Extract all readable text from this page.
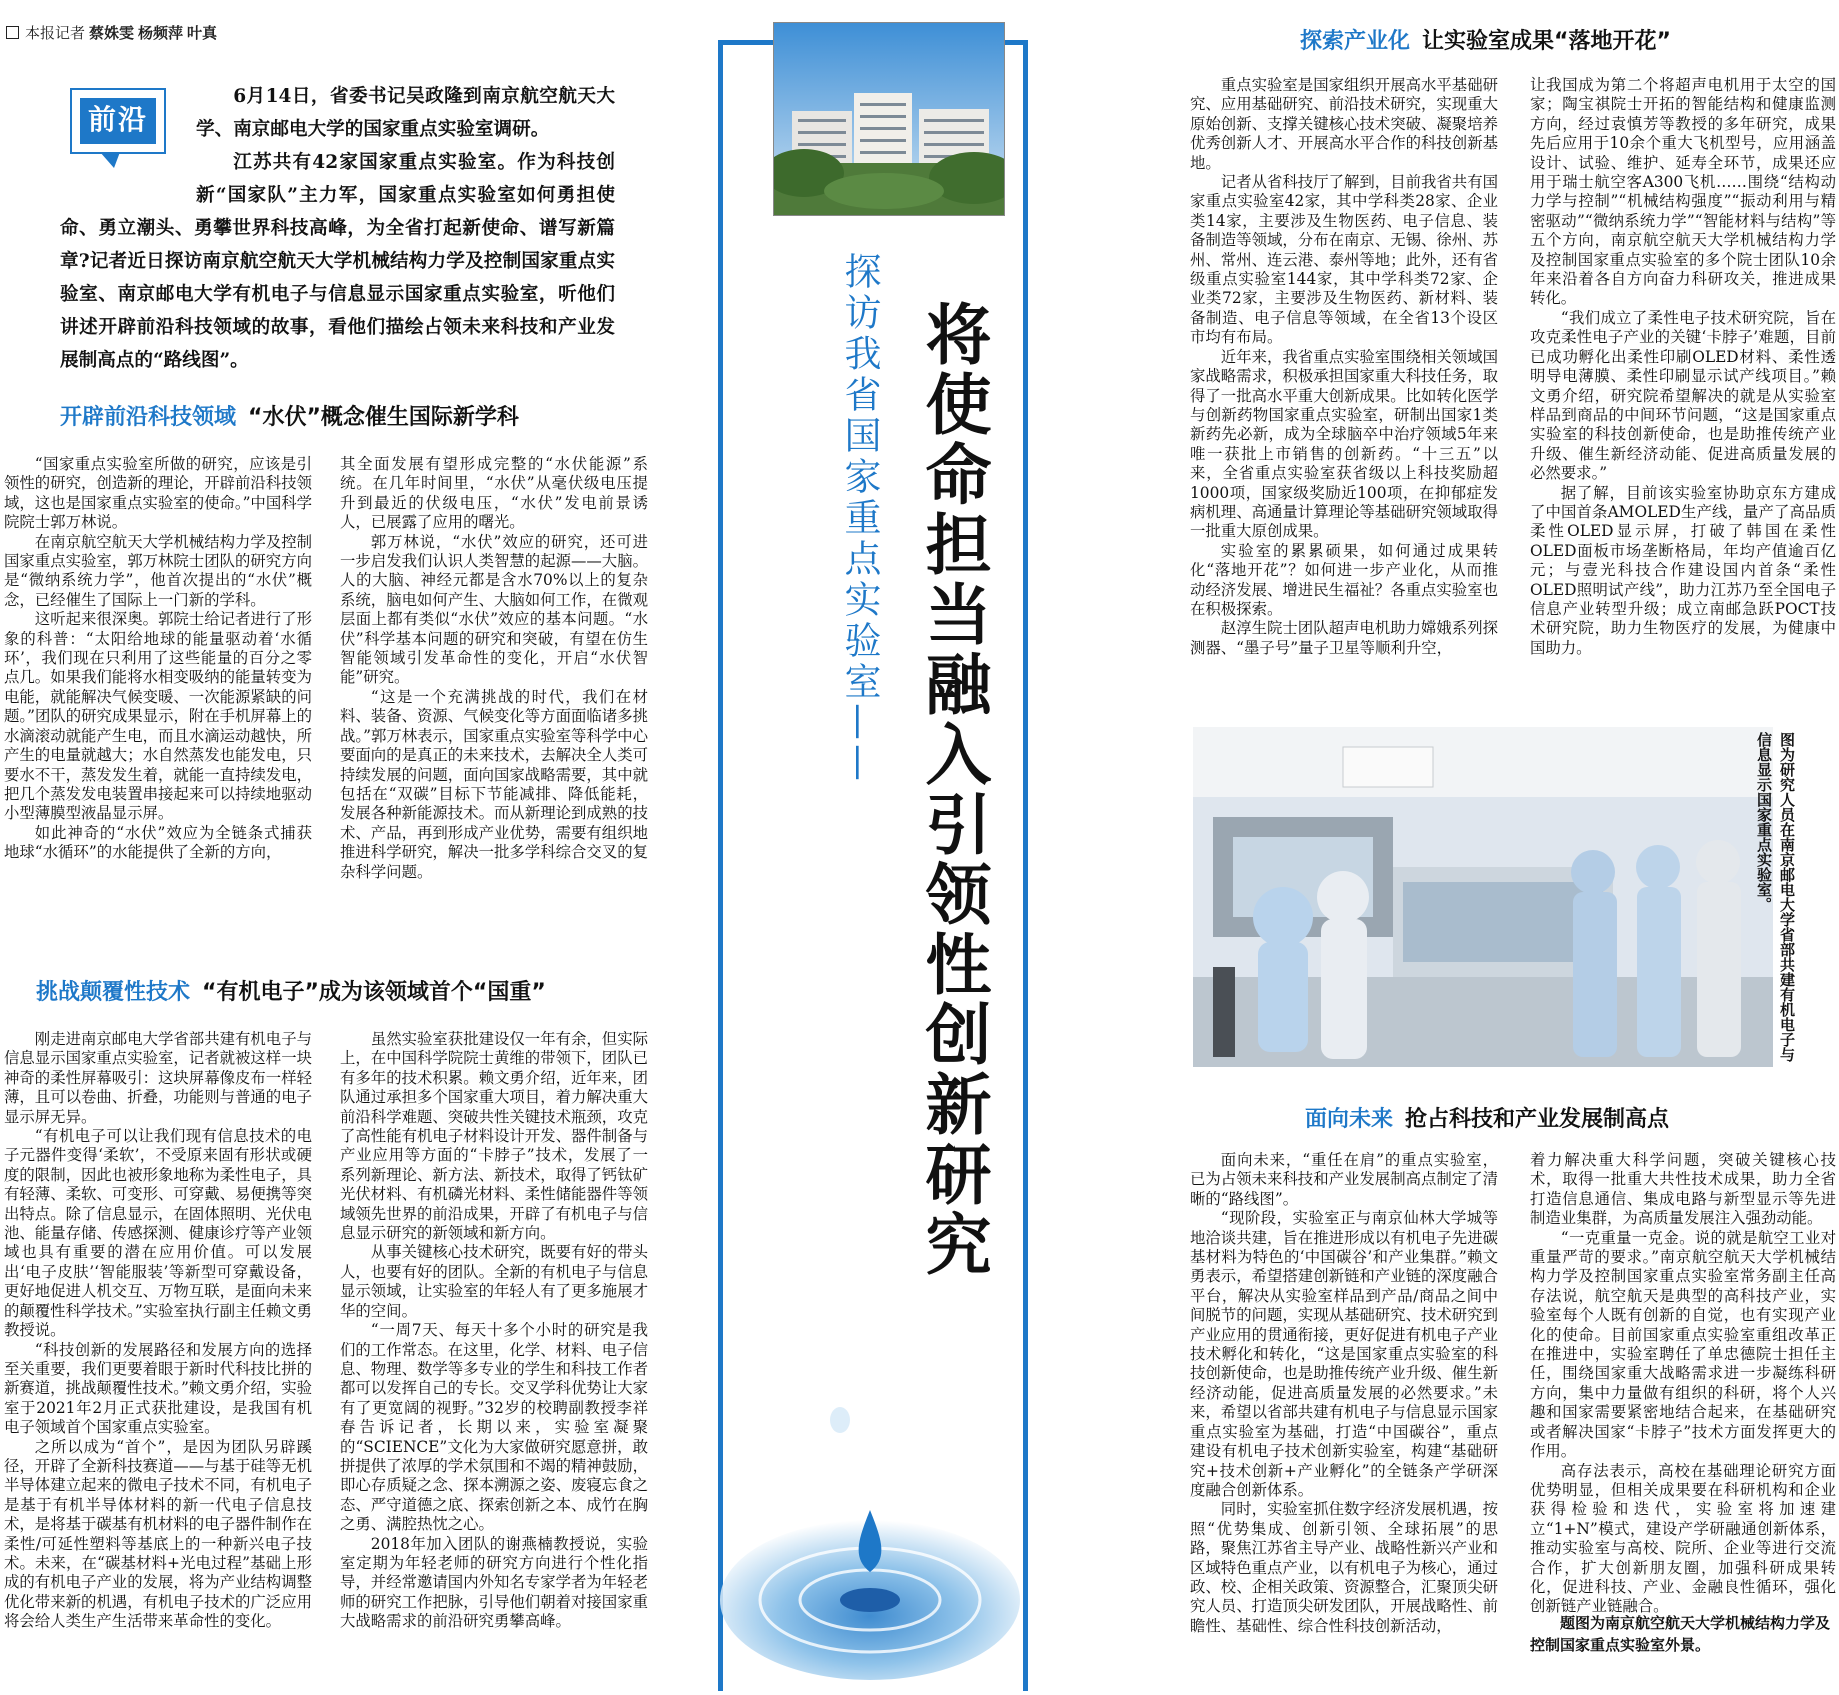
本报记者 蔡姝雯 杨频萍 叶真
前沿

6月14日，省委书记吴政隆到南京航空航天大学、南京邮电大学的国家重点实验室调研。

江苏共有42家国家重点实验室。作为科技创新“国家队”主力军，国家重点实验室如何勇担使命、勇立潮头、勇攀世界科技高峰，为全省打起新使命、谱写新篇章?记者近日探访南京航空航天大学机械结构力学及控制国家重点实验室、南京邮电大学有机电子与信息显示国家重点实验室，听他们讲述开辟前沿科技领域的故事，看他们描绘占领未来科技和产业发展制高点的“路线图”。

开辟前沿科技领域 “水伏”概念催生国际新学科

“国家重点实验室所做的研究，应该是引领性的研究，创造新的理论，开辟前沿科技领域，这也是国家重点实验室的使命。”中国科学院院士郭万林说。

在南京航空航天大学机械结构力学及控制国家重点实验室，郭万林院士团队的研究方向是“微纳系统力学”，他首次提出的“水伏”概念，已经催生了国际上一门新的学科。

这听起来很深奥。郭院士给记者进行了形象的科普：“太阳给地球的能量驱动着‘水循环’，我们现在只利用了这些能量的百分之零点几。如果我们能将水相变吸纳的能量转变为电能，就能解决气候变暖、一次能源紧缺的问题。”团队的研究成果显示，附在手机屏幕上的水滴滚动就能产生电，而且水滴运动越快，所产生的电量就越大；水自然蒸发也能发电，只要水不干，蒸发发生着，就能一直持续发电，把几个蒸发发电装置串接起来可以持续地驱动小型薄膜型液晶显示屏。

如此神奇的“水伏”效应为全链条式捕获地球“水循环”的水能提供了全新的方向，

其全面发展有望形成完整的“水伏能源”系统。在几年时间里，“水伏”从毫伏级电压提升到最近的伏级电压，“水伏”发电前景诱人，已展露了应用的曙光。

郭万林说，“水伏”效应的研究，还可进一步启发我们认识人类智慧的起源——大脑。人的大脑、神经元都是含水70%以上的复杂系统，脑电如何产生、大脑如何工作，在微观层面上都有类似“水伏”效应的基本问题。“水伏”科学基本问题的研究和突破，有望在仿生智能领域引发革命性的变化，开启“水伏智能”研究。

“这是一个充满挑战的时代，我们在材料、装备、资源、气候变化等方面面临诸多挑战。”郭万林表示，国家重点实验室等科学中心要面向的是真正的未来技术，去解决全人类可持续发展的问题，面向国家战略需要，其中就包括在“双碳”目标下节能减排、降低能耗，发展各种新能源技术。而从新理论到成熟的技术、产品，再到形成产业优势，需要有组织地推进科学研究，解决一批多学科综合交叉的复杂科学问题。

挑战颠覆性技术 “有机电子”成为该领域首个“国重”

刚走进南京邮电大学省部共建有机电子与信息显示国家重点实验室，记者就被这样一块神奇的柔性屏幕吸引：这块屏幕像皮布一样轻薄，且可以卷曲、折叠，功能则与普通的电子显示屏无异。

“有机电子可以让我们现有信息技术的电子元器件变得‘柔软’，不受原来固有形状或硬度的限制，因此也被形象地称为柔性电子，具有轻薄、柔软、可变形、可穿戴、易便携等突出特点。除了信息显示，在固体照明、光伏电池、能量存储、传感探测、健康诊疗等产业领域也具有重要的潜在应用价值。可以发展出‘电子皮肤’‘智能服装’等新型可穿戴设备，更好地促进人机交互、万物互联，是面向未来的颠覆性科学技术。”实验室执行副主任赖文勇教授说。

“科技创新的发展路径和发展方向的选择至关重要，我们更要着眼于新时代科技比拼的新赛道，挑战颠覆性技术。”赖文勇介绍，实验室于2021年2月正式获批建设，是我国有机电子领域首个国家重点实验室。

之所以成为“首个”，是因为团队另辟蹊径，开辟了全新科技赛道——与基于硅等无机半导体建立起来的微电子技术不同，有机电子是基于有机半导体材料的新一代电子信息技术，是将基于碳基有机材料的电子器件制作在柔性/可延性塑料等基底上的一种新兴电子技术。未来，在“碳基材料+光电过程”基础上形成的有机电子产业的发展，将为产业结构调整优化带来新的机遇，有机电子技术的广泛应用将会给人类生产生活带来革命性的变化。

虽然实验室获批建设仅一年有余，但实际上，在中国科学院院士黄维的带领下，团队已有多年的技术积累。赖文勇介绍，近年来，团队通过承担多个国家重大项目，着力解决重大前沿科学难题、突破共性关键技术瓶颈，攻克了高性能有机电子材料设计开发、器件制备与产业应用等方面的“卡脖子”技术，发展了一系列新理论、新方法、新技术，取得了钙钛矿光伏材料、有机磷光材料、柔性储能器件等领域领先世界的前沿成果，开辟了有机电子与信息显示研究的新领域和新方向。

从事关键核心技术研究，既要有好的带头人，也要有好的团队。全新的有机电子与信息显示领域，让实验室的年轻人有了更多施展才华的空间。

“一周7天、每天十多个小时的研究是我们的工作常态。在这里，化学、材料、电子信息、物理、数学等多专业的学生和科技工作者都可以发挥自己的专长。交叉学科优势让大家有了更宽阔的视野。”32岁的校聘副教授李祥春告诉记者，长期以来，实验室凝聚的“SCIENCE”文化为大家做研究愿意拼，敢拼提供了浓厚的学术氛围和不竭的精神鼓励，即心存质疑之念、探本溯源之姿、废寝忘食之态、严守道德之底、探索创新之本、成竹在胸之勇、满腔热忱之心。

2018年加入团队的谢燕楠教授说，实验室定期为年轻老师的研究方向进行个性化指导，并经常邀请国内外知名专家学者为年轻老师的研究工作把脉，引导他们朝着对接国家重大战略需求的前沿研究勇攀高峰。

探访我省国家重点实验室—— 将使命担当融入引领性创新研究
探索产业化 让实验室成果“落地开花”

重点实验室是国家组织开展高水平基础研究、应用基础研究、前沿技术研究，实现重大原始创新、支撑关键核心技术突破、凝聚培养优秀创新人才、开展高水平合作的科技创新基地。

记者从省科技厅了解到，目前我省共有国家重点实验室42家，其中学科类28家、企业类14家，主要涉及生物医药、电子信息、装备制造等领域，分布在南京、无锡、徐州、苏州、常州、连云港、泰州等地；此外，还有省级重点实验室144家，其中学科类72家、企业类72家，主要涉及生物医药、新材料、装备制造、电子信息等领域，在全省13个设区市均有布局。

近年来，我省重点实验室围绕相关领域国家战略需求，积极承担国家重大科技任务，取得了一批高水平重大创新成果。比如转化医学与创新药物国家重点实验室，研制出国家1类新药先必新，成为全球脑卒中治疗领域5年来唯一获批上市销售的创新药。“十三五”以来，全省重点实验室获省级以上科技奖励超1000项，国家级奖励近100项，在抑郁症发病机理、高通量计算理论等基础研究领域取得一批重大原创成果。

实验室的累累硕果，如何通过成果转化“落地开花”？如何进一步产业化，从而推动经济发展、增进民生福祉？各重点实验室也在积极探索。

赵淳生院士团队超声电机助力嫦娥系列探测器、“墨子号”量子卫星等顺利升空，

让我国成为第二个将超声电机用于太空的国家；陶宝祺院士开拓的智能结构和健康监测方向，经过袁慎芳等教授的多年研究，成果先后应用于10余个重大飞机型号，应用涵盖设计、试验、维护、延寿全环节，成果还应用于瑞士航空客A300飞机……围绕“结构动力学与控制”“机械结构强度”“振动利用与精密驱动”“微纳系统力学”“智能材料与结构”等五个方向，南京航空航天大学机械结构力学及控制国家重点实验室的多个院士团队10余年来沿着各自方向奋力科研攻关，推进成果转化。

“我们成立了柔性电子技术研究院，旨在攻克柔性电子产业的关键‘卡脖子’难题，目前已成功孵化出柔性印刷OLED材料、柔性透明导电薄膜、柔性印刷显示试产线项目。”赖文勇介绍，研究院希望解决的就是从实验室样品到商品的中间环节问题，“这是国家重点实验室的科技创新使命，也是助推传统产业升级、催生新经济动能、促进高质量发展的必然要求。”

据了解，目前该实验室协助京东方建成了中国首条AMOLED生产线，量产了高品质柔性OLED显示屏，打破了韩国在柔性OLED面板市场垄断格局，年均产值逾百亿元；与壹光科技合作建设国内首条“柔性OLED照明试产线”，助力江苏乃至全国电子信息产业转型升级；成立南邮急跃POCT技术研究院，助力生物医疗的发展，为健康中国助力。

图为研究人员在南京邮电大学省部共建有机电子与信息显示国家重点实验室。
面向未来 抢占科技和产业发展制高点

面向未来，“重任在肩”的重点实验室，已为占领未来科技和产业发展制高点制定了清晰的“路线图”。

“现阶段，实验室正与南京仙林大学城等地洽谈共建，旨在推进形成以有机电子先进碳基材料为特色的‘中国碳谷’和产业集群。”赖文勇表示，希望搭建创新链和产业链的深度融合平台，解决从实验室样品到产品/商品之间中间脱节的问题，实现从基础研究、技术研究到产业应用的贯通衔接，更好促进有机电子产业技术孵化和转化，“这是国家重点实验室的科技创新使命，也是助推传统产业升级、催生新经济动能，促进高质量发展的必然要求。”未来，希望以省部共建有机电子与信息显示国家重点实验室为基础，打造“中国碳谷”，重点建设有机电子技术创新实验室，构建“基础研究+技术创新+产业孵化”的全链条产学研深度融合创新体系。

同时，实验室抓住数字经济发展机遇，按照“优势集成、创新引领、全球拓展”的思路，聚焦江苏省主导产业、战略性新兴产业和区域特色重点产业，以有机电子为核心，通过政、校、企相关政策、资源整合，汇聚顶尖研究人员、打造顶尖研发团队，开展战略性、前瞻性、基础性、综合性科技创新活动，

着力解决重大科学问题，突破关键核心技术，取得一批重大共性技术成果，助力全省打造信息通信、集成电路与新型显示等先进制造业集群，为高质量发展注入强劲动能。

“一克重量一克金。说的就是航空工业对重量严苛的要求。”南京航空航天大学机械结构力学及控制国家重点实验室常务副主任高存法说，航空航天是典型的高科技产业，实验室每个人既有创新的自觉，也有实现产业化的使命。目前国家重点实验室重组改革正在推进中，实验室聘任了单忠德院士担任主任，围绕国家重大战略需求进一步凝练科研方向，集中力量做有组织的科研，将个人兴趣和国家需要紧密地结合起来，在基础研究或者解决国家“卡脖子”技术方面发挥更大的作用。

高存法表示，高校在基础理论研究方面优势明显，但相关成果要在科研机构和企业获得检验和迭代，实验室将加速建立“1+N”模式，建设产学研融通创新体系，推动实验室与高校、院所、企业等进行交流合作，扩大创新朋友圈，加强科研成果转化，促进科技、产业、金融良性循环，强化创新链产业链融合。

题图为南京航空航天大学机械结构力学及控制国家重点实验室外景。
